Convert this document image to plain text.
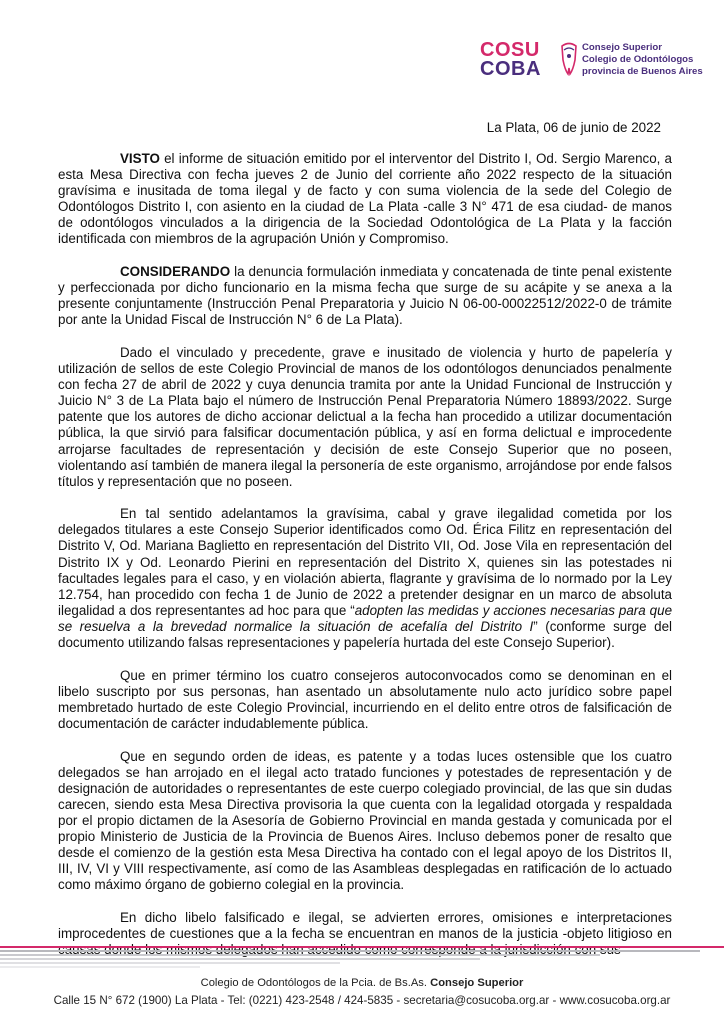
COSU
COBA
Consejo Superior
Colegio de Odontólogos
provincia de Buenos Aires
La Plata, 06 de junio de 2022

VISTO el informe de situación emitido por el interventor del Distrito I, Od. Sergio Marenco, a esta Mesa Directiva con fecha jueves 2 de Junio del corriente año 2022 respecto de la situación gravísima e inusitada de toma ilegal y de facto y con suma violencia de la sede del Colegio de Odontólogos Distrito I, con asiento en la ciudad de La Plata -calle 3 N° 471 de esa ciudad- de manos de odontólogos vinculados a la dirigencia de la Sociedad Odontológica de La Plata y la facción identificada con miembros de la agrupación Unión y Compromiso.

CONSIDERANDO la denuncia formulación inmediata y concatenada de tinte penal existente y perfeccionada por dicho funcionario en la misma fecha que surge de su acápite y se anexa a la presente conjuntamente (Instrucción Penal Preparatoria y Juicio N 06-00-00022512/2022-0 de trámite por ante la Unidad Fiscal de Instrucción N° 6 de La Plata).

Dado el vinculado y precedente, grave e inusitado de violencia y hurto de papelería y utilización de sellos de este Colegio Provincial de manos de los odontólogos denunciados penalmente con fecha 27 de abril de 2022 y cuya denuncia tramita por ante la Unidad Funcional de Instrucción y Juicio N° 3 de La Plata bajo el número de Instrucción Penal Preparatoria Número 18893/2022. Surge patente que los autores de dicho accionar delictual a la fecha han procedido a utilizar documentación pública, la que sirvió para falsificar documentación pública, y así en forma delictual e improcedente arrojarse facultades de representación y decisión de este Consejo Superior que no poseen, violentando así también de manera ilegal la personería de este organismo, arrojándose por ende falsos títulos y representación que no poseen.

En tal sentido adelantamos la gravísima, cabal y grave ilegalidad cometida por los delegados titulares a este Consejo Superior identificados como Od. Érica Filitz en representación del Distrito V, Od. Mariana Baglietto en representación del Distrito VII, Od. Jose Vila en representación del Distrito IX y Od. Leonardo Pierini en representación del Distrito X, quienes sin las potestades ni facultades legales para el caso, y en violación abierta, flagrante y gravísima de lo normado por la Ley 12.754, han procedido con fecha 1 de Junio de 2022 a pretender designar en un marco de absoluta ilegalidad a dos representantes ad hoc para que “adopten las medidas y acciones necesarias para que se resuelva a la brevedad normalice la situación de acefalía del Distrito I” (conforme surge del documento utilizando falsas representaciones y papelería hurtada del este Consejo Superior).

Que en primer término los cuatro consejeros autoconvocados como se denominan en el libelo suscripto por sus personas, han asentado un absolutamente nulo acto jurídico sobre papel membretado hurtado de este Colegio Provincial, incurriendo en el delito entre otros de falsificación de documentación de carácter indudablemente pública.

Que en segundo orden de ideas, es patente y a todas luces ostensible que los cuatro delegados se han arrojado en el ilegal acto tratado funciones y potestades de representación y de designación de autoridades o representantes de este cuerpo colegiado provincial, de las que sin dudas carecen, siendo esta Mesa Directiva provisoria la que cuenta con la legalidad otorgada y respaldada por el propio dictamen de la Asesoría de Gobierno Provincial en manda gestada y comunicada por el propio Ministerio de Justicia de la Provincia de Buenos Aires. Incluso debemos poner de resalto que desde el comienzo de la gestión esta Mesa Directiva ha contado con el legal apoyo de los Distritos II, III, IV, VI y VIII respectivamente, así como de las Asambleas desplegadas en ratificación de lo actuado como máximo órgano de gobierno colegial en la provincia.

En dicho libelo falsificado e ilegal, se advierten errores, omisiones e interpretaciones improcedentes de cuestiones que a la fecha se encuentran en manos de la justicia -objeto litigioso en

Colegio de Odontólogos de la Pcia. de Bs.As. Consejo Superior
Calle 15 N° 672 (1900) La Plata - Tel: (0221) 423-2548 / 424-5835 - secretaria@cosucoba.org.ar - www.cosucoba.org.ar
